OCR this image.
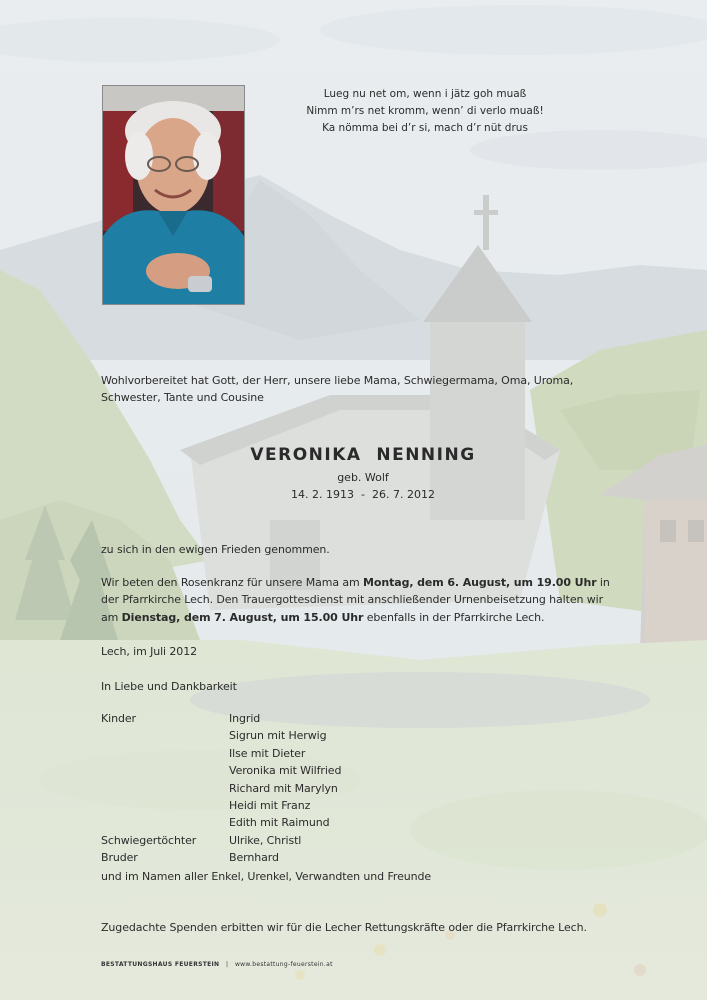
Lueg nu net om, wenn i jätz goh muaß
Nimm m’rs net kromm, wenn’ di verlo muaß!
Ka nömma bei d’r si, mach d’r nüt drus
Wohlvorbereitet hat Gott, der Herr, unsere liebe Mama, Schwiegermama, Oma, Uroma, Schwester, Tante und Cousine
VERONIKA  NENNING
geb. Wolf
14. 2. 1913  -  26. 7. 2012
zu sich in den ewigen Frieden genommen.
Wir beten den Rosenkranz für unsere Mama am Montag, dem 6. August, um 19.00 Uhr in der Pfarrkirche Lech. Den Trauergottesdienst mit anschließender Urnenbeisetzung halten wir am Dienstag, dem 7. August, um 15.00 Uhr ebenfalls in der Pfarrkirche Lech.
Lech, im Juli 2012
In Liebe und Dankbarkeit
Kinder	Ingrid
Sigrun mit Herwig
Ilse mit Dieter
Veronika mit Wilfried
Richard mit Marylyn
Heidi mit Franz
Edith mit Raimund
Schwiegertöchter	Ulrike, Christl
Bruder	Bernhard
und im Namen aller Enkel, Urenkel, Verwandten und Freunde
Zugedachte Spenden erbitten wir für die Lecher Rettungskräfte oder die Pfarrkirche Lech.
BESTATTUNGSHAUS FEUERSTEIN | www.bestattung-feuerstein.at
